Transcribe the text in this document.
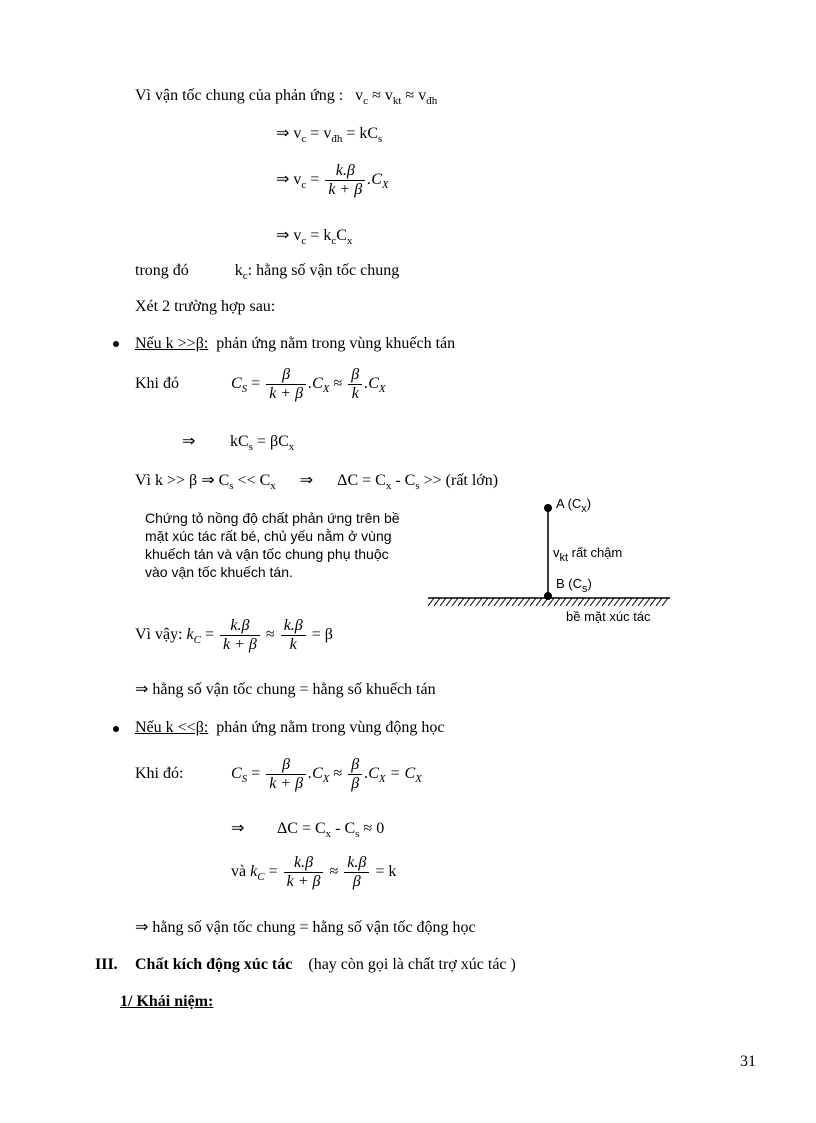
Vì vận tốc chung của phản ứng : $v_c \approx v_{kt} \approx v_{đh}$
⇒ $v_c = v_{đh} = kC_s$
⇒ $v_c = \frac{k.\beta}{k + \beta} .C_X$
⇒ $v_c = k_cC_x$
trong đó	$k_c$: hằng số vận tốc chung
Xét 2 trường hợp sau:
Nếu k >>β: phản ứng nằm trong vùng khuếch tán
Khi đó	$C_S = \frac{\beta}{k + \beta} .C_X \approx \frac{\beta}{k} .C_X$
⇒ $kC_s = \beta C_x$
Vì k >> β ⇒ $C_s << C_x$ ⇒ $\Delta C = C_x - C_s$ >> (rất lớn)
Chứng tỏ nồng độ chất phản ứng trên bề mặt xúc tác rất bé, chủ yếu nằm ở vùng khuếch tán và vận tốc chung phụ thuộc vào vận tốc khuếch tán.
A $(C_x)$
$v_{kt}$ rất chậm
B $(C_s)$
bề mặt xúc tác
Vì vậy: $k_C = \frac{k.\beta}{k + \beta} \approx \frac{k.\beta}{k} = \beta$
⇒ hằng số vận tốc chung = hằng số khuếch tán
Nếu k <<β: phản ứng nằm trong vùng động học
Khi đó:	$C_S = \frac{\beta}{k + \beta} .C_X \approx \frac{\beta}{\beta} .C_X = C_X$
⇒ $\Delta C = C_x - C_s \approx 0$
và $k_C = \frac{k.\beta}{k + \beta} \approx \frac{k.\beta}{\beta} = k$
⇒ hằng số vận tốc chung = hằng số vận tốc động học
III. Chất kích động xúc tác (hay còn gọi là chất trợ xúc tác )
1/ Khái niệm:
31
